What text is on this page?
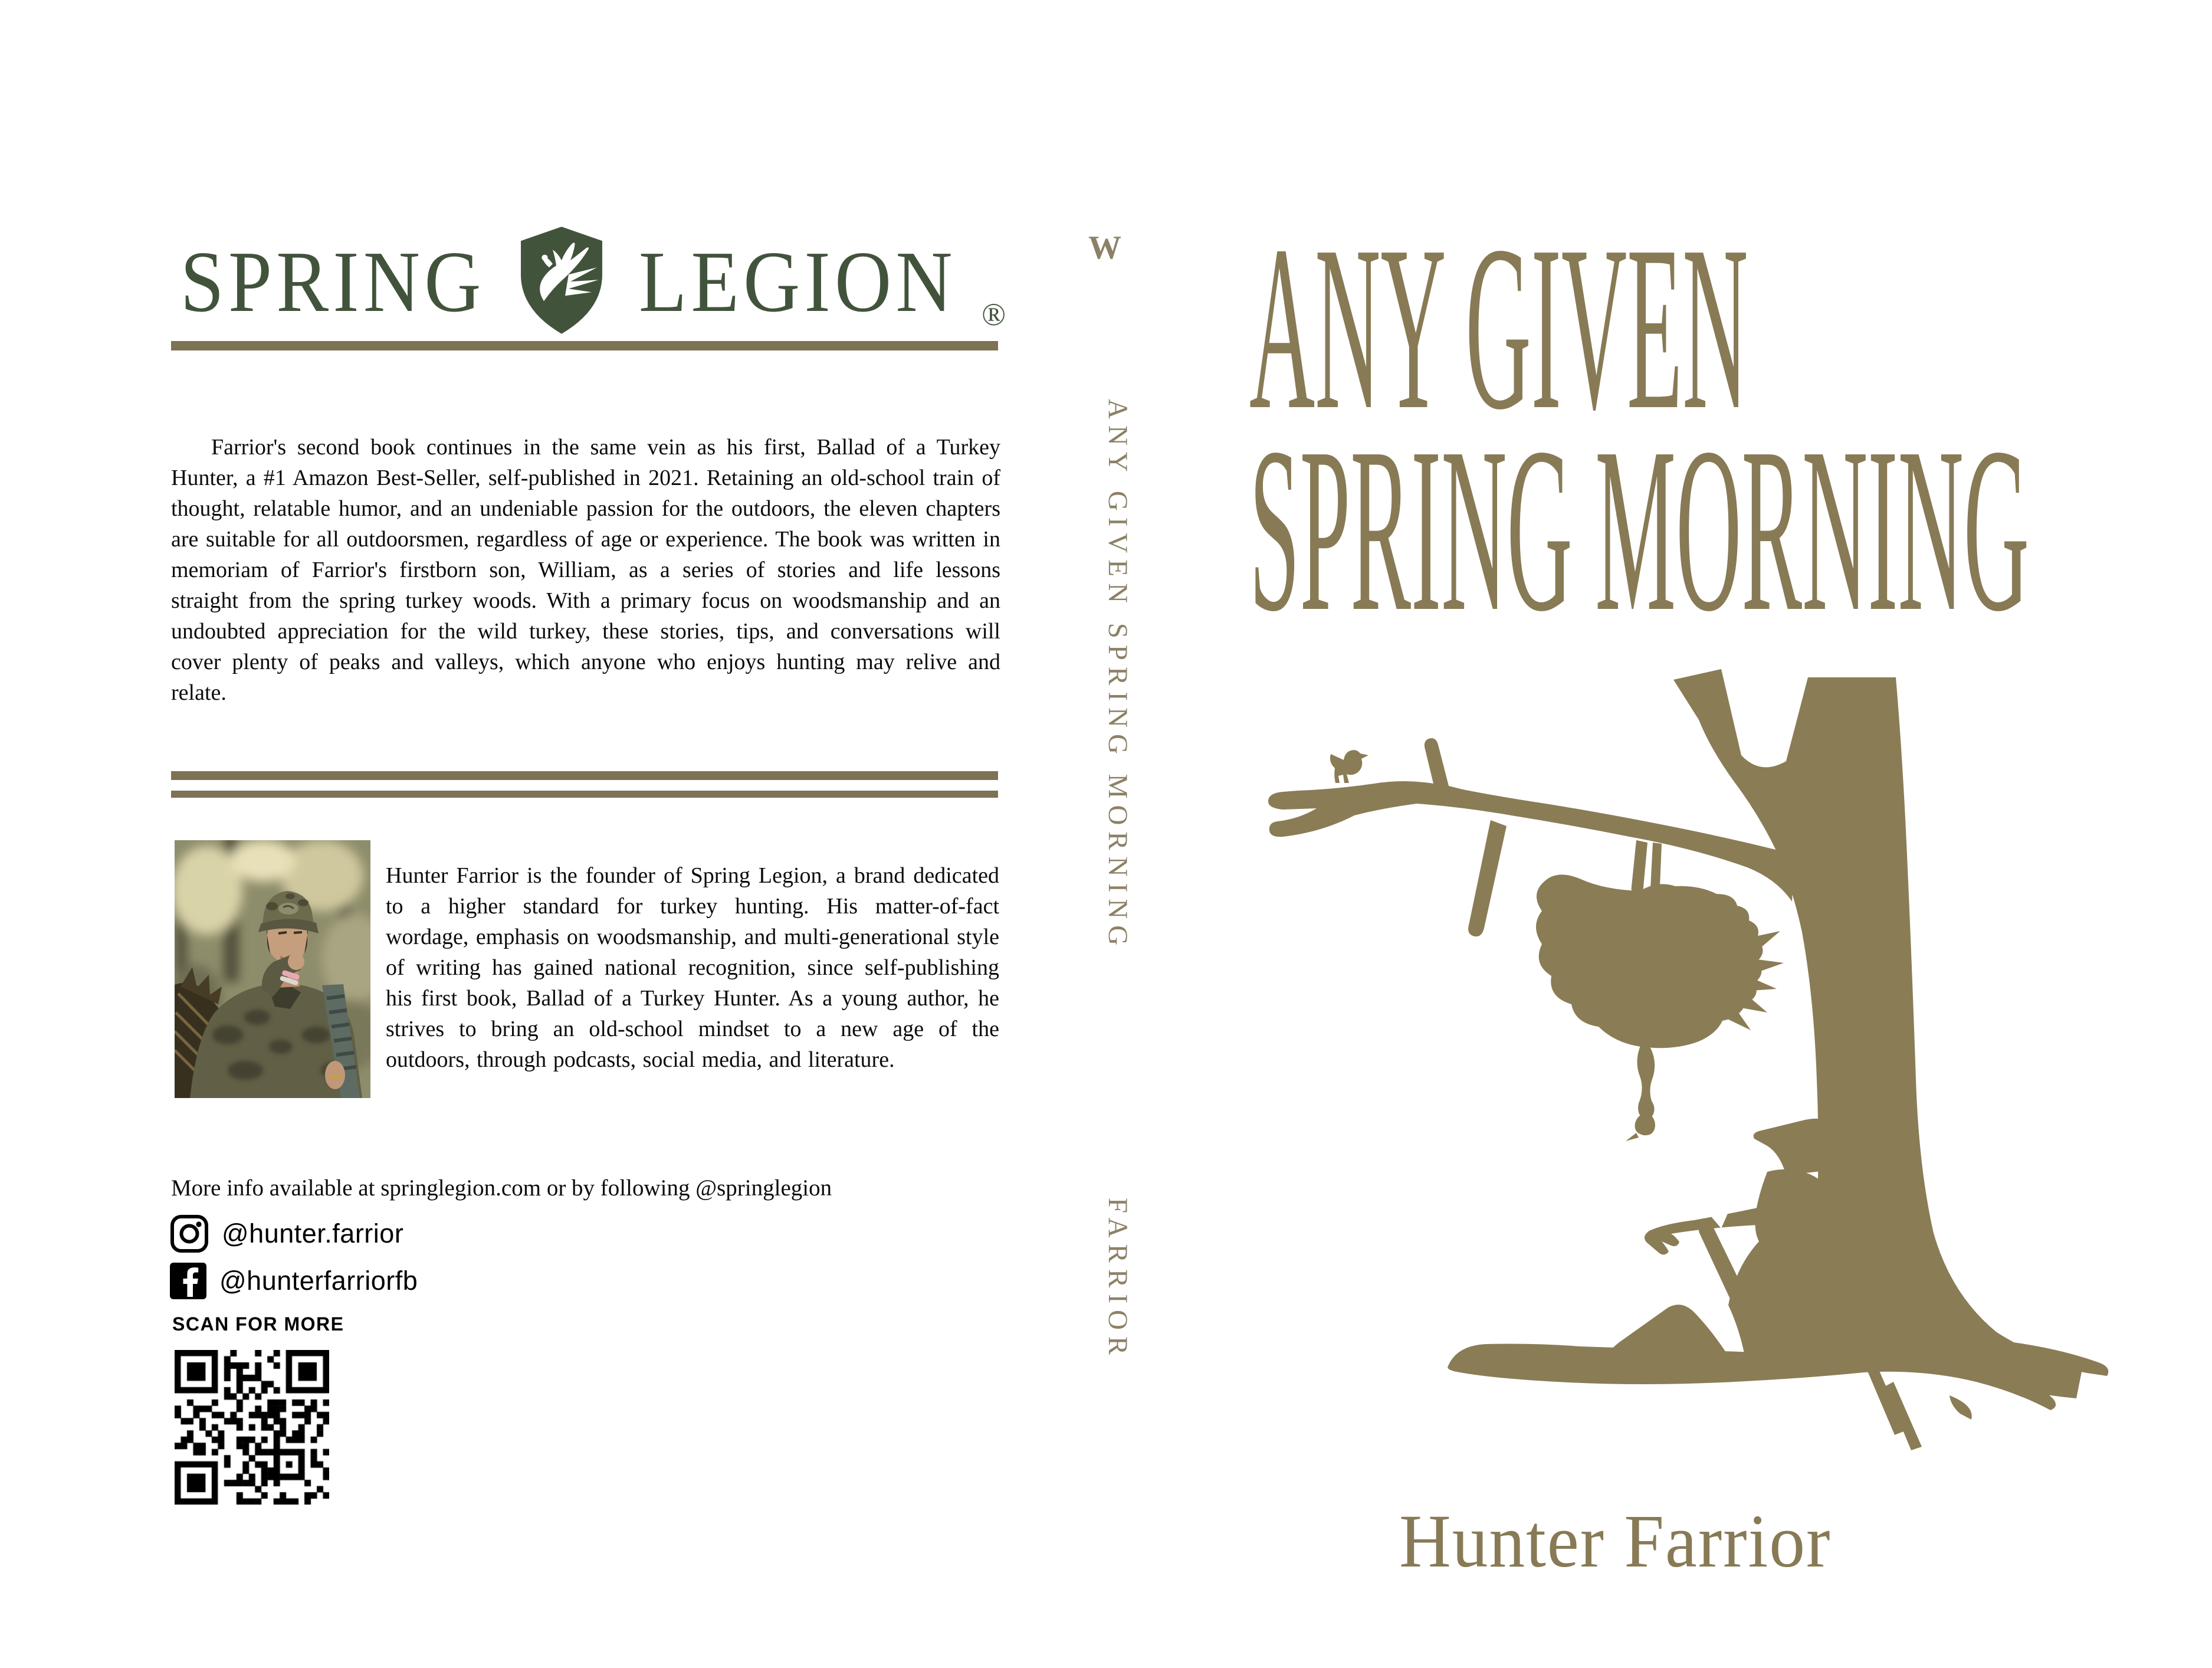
SPRING LEGION ®

Farrior's second book continues in the same vein as his first, Ballad of a Turkey Hunter, a #1 Amazon Best-Seller, self-published in 2021. Retaining an old-school train of thought, relatable humor, and an undeniable passion for the outdoors, the eleven chapters are suitable for all outdoorsmen, regardless of age or experience. The book was written in memoriam of Farrior's firstborn son, William, as a series of stories and life lessons straight from the spring turkey woods. With a primary focus on woodsmanship and an undoubted appreciation for the wild turkey, these stories, tips, and conversations will cover plenty of peaks and valleys, which anyone who enjoys hunting may relive and relate.

Hunter Farrior is the founder of Spring Legion, a brand dedicated to a higher standard for turkey hunting. His matter-of-fact wordage, emphasis on woodsmanship, and multi-generational style of writing has gained national recognition, since self-publishing his first book, Ballad of a Turkey Hunter. As a young author, he strives to bring an old-school mindset to a new age of the outdoors, through podcasts, social media, and literature.

More info available at springlegion.com or by following @springlegion

@hunter.farrior
@hunterfarriorfb
SCAN FOR MORE
W
ANY GIVEN SPRING MORNING
FARRIOR
ANY GIVEN
SPRING MORNING
Hunter Farrior
